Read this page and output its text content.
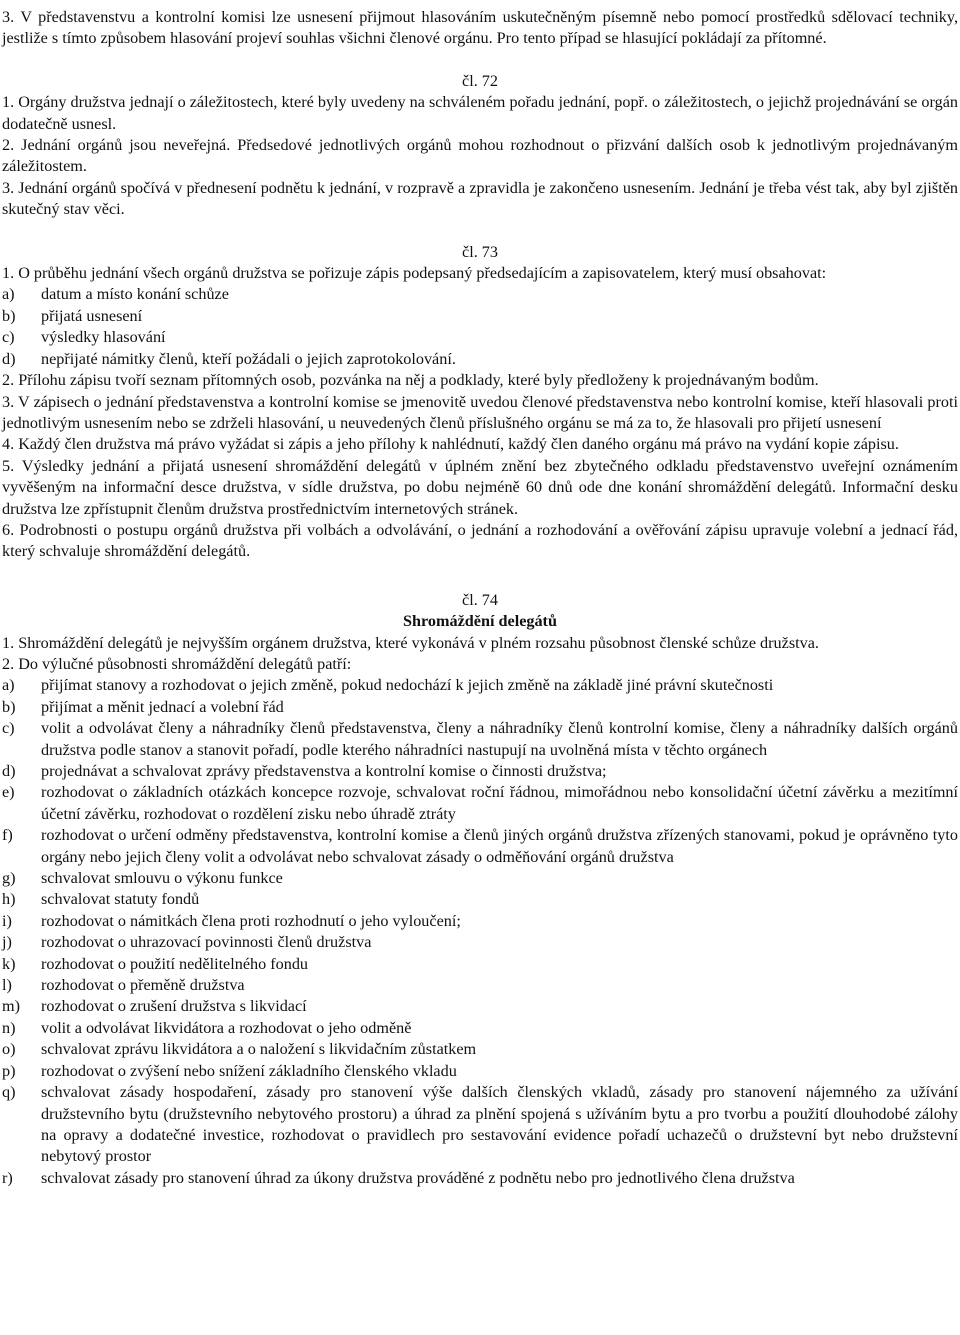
3. V představenstvu a kontrolní komisi lze usnesení přijmout hlasováním uskutečněným písemně nebo pomocí prostředků sdělovací techniky, jestliže s tímto způsobem hlasování projeví souhlas všichni členové orgánu. Pro tento případ se hlasující pokládají za přítomné.

čl. 72

1. Orgány družstva jednají o záležitostech, které byly uvedeny na schváleném pořadu jednání, popř. o záležitostech, o jejichž projednávání se orgán dodatečně usnesl.

2. Jednání orgánů jsou neveřejná. Předsedové jednotlivých orgánů mohou rozhodnout o přizvání dalších osob k jednotlivým projednávaným záležitostem.

3. Jednání orgánů spočívá v přednesení podnětu k jednání, v rozpravě a zpravidla je zakončeno usnesením. Jednání je třeba vést tak, aby byl zjištěn skutečný stav věci.

čl. 73

1. O průběhu jednání všech orgánů družstva se pořizuje zápis podepsaný předsedajícím a zapisovatelem, který musí obsahovat:

a)	datum a místo konání schůze
b)	přijatá usnesení
c)	výsledky hlasování
d)	nepřijaté námitky členů, kteří požádali o jejich zaprotokolování.

2. Přílohu zápisu tvoří seznam přítomných osob, pozvánka na něj a podklady, které byly předloženy k projednávaným bodům.

3. V zápisech o jednání představenstva a kontrolní komise se jmenovitě uvedou členové představenstva nebo kontrolní komise, kteří hlasovali proti jednotlivým usnesením nebo se zdrželi hlasování, u neuvedených členů příslušného orgánu se má za to, že hlasovali pro přijetí usnesení

4. Každý člen družstva má právo vyžádat si zápis a jeho přílohy k nahlédnutí, každý člen daného orgánu má právo na vydání kopie zápisu.

5. Výsledky jednání a přijatá usnesení shromáždění delegátů v úplném znění bez zbytečného odkladu představenstvo uveřejní oznámením vyvěšeným na informační desce družstva, v sídle družstva, po dobu nejméně 60 dnů ode dne konání shromáždění delegátů. Informační desku družstva lze zpřístupnit členům družstva prostřednictvím internetových stránek.

6. Podrobnosti o postupu orgánů družstva při volbách a odvolávání, o jednání a rozhodování a ověřování zápisu upravuje volební a jednací řád, který schvaluje shromáždění delegátů.

čl. 74

Shromáždění delegátů

1. Shromáždění delegátů je nejvyšším orgánem družstva, které vykonává v plném rozsahu působnost členské schůze družstva.

2. Do výlučné působnosti shromáždění delegátů patří:

a)	přijímat stanovy a rozhodovat o jejich změně, pokud nedochází k jejich změně na základě jiné právní skutečnosti
b)	přijímat a měnit jednací a volební řád
c)	volit a odvolávat členy a náhradníky členů představenstva, členy a náhradníky členů kontrolní komise, členy a náhradníky dalších orgánů družstva podle stanov a stanovit pořadí, podle kterého náhradníci nastupují na uvolněná místa v těchto orgánech
d)	projednávat a schvalovat zprávy představenstva a kontrolní komise o činnosti družstva;
e)	rozhodovat o základních otázkách koncepce rozvoje, schvalovat roční řádnou, mimořádnou nebo konsolidační účetní závěrku a mezitímní účetní závěrku, rozhodovat o rozdělení zisku nebo úhradě ztráty
f)	rozhodovat o určení odměny představenstva, kontrolní komise a členů jiných orgánů družstva zřízených stanovami, pokud je oprávněno tyto orgány nebo jejich členy volit a odvolávat nebo schvalovat zásady o odměňování orgánů družstva
g)	schvalovat smlouvu o výkonu funkce
h)	schvalovat statuty fondů
i)	rozhodovat o námitkách člena proti rozhodnutí o jeho vyloučení;
j)	rozhodovat o uhrazovací povinnosti členů družstva
k)	rozhodovat o použití nedělitelného fondu
l)	rozhodovat o přeměně družstva
m)	rozhodovat o zrušení družstva s likvidací
n)	volit a odvolávat likvidátora a rozhodovat o jeho odměně
o)	schvalovat zprávu likvidátora a o naložení s likvidačním zůstatkem
p)	rozhodovat o zvýšení nebo snížení základního členského vkladu
q)	schvalovat zásady hospodaření, zásady pro stanovení výše dalších členských vkladů, zásady pro stanovení nájemného za užívání družstevního bytu (družstevního nebytového prostoru) a úhrad za plnění spojená s užíváním bytu a pro tvorbu a použití dlouhodobé zálohy na opravy a dodatečné investice, rozhodovat o pravidlech pro sestavování evidence pořadí uchazečů o družstevní byt nebo družstevní nebytový prostor
r)	schvalovat zásady pro stanovení úhrad za úkony družstva prováděné z podnětu nebo pro jednotlivého člena družstva
